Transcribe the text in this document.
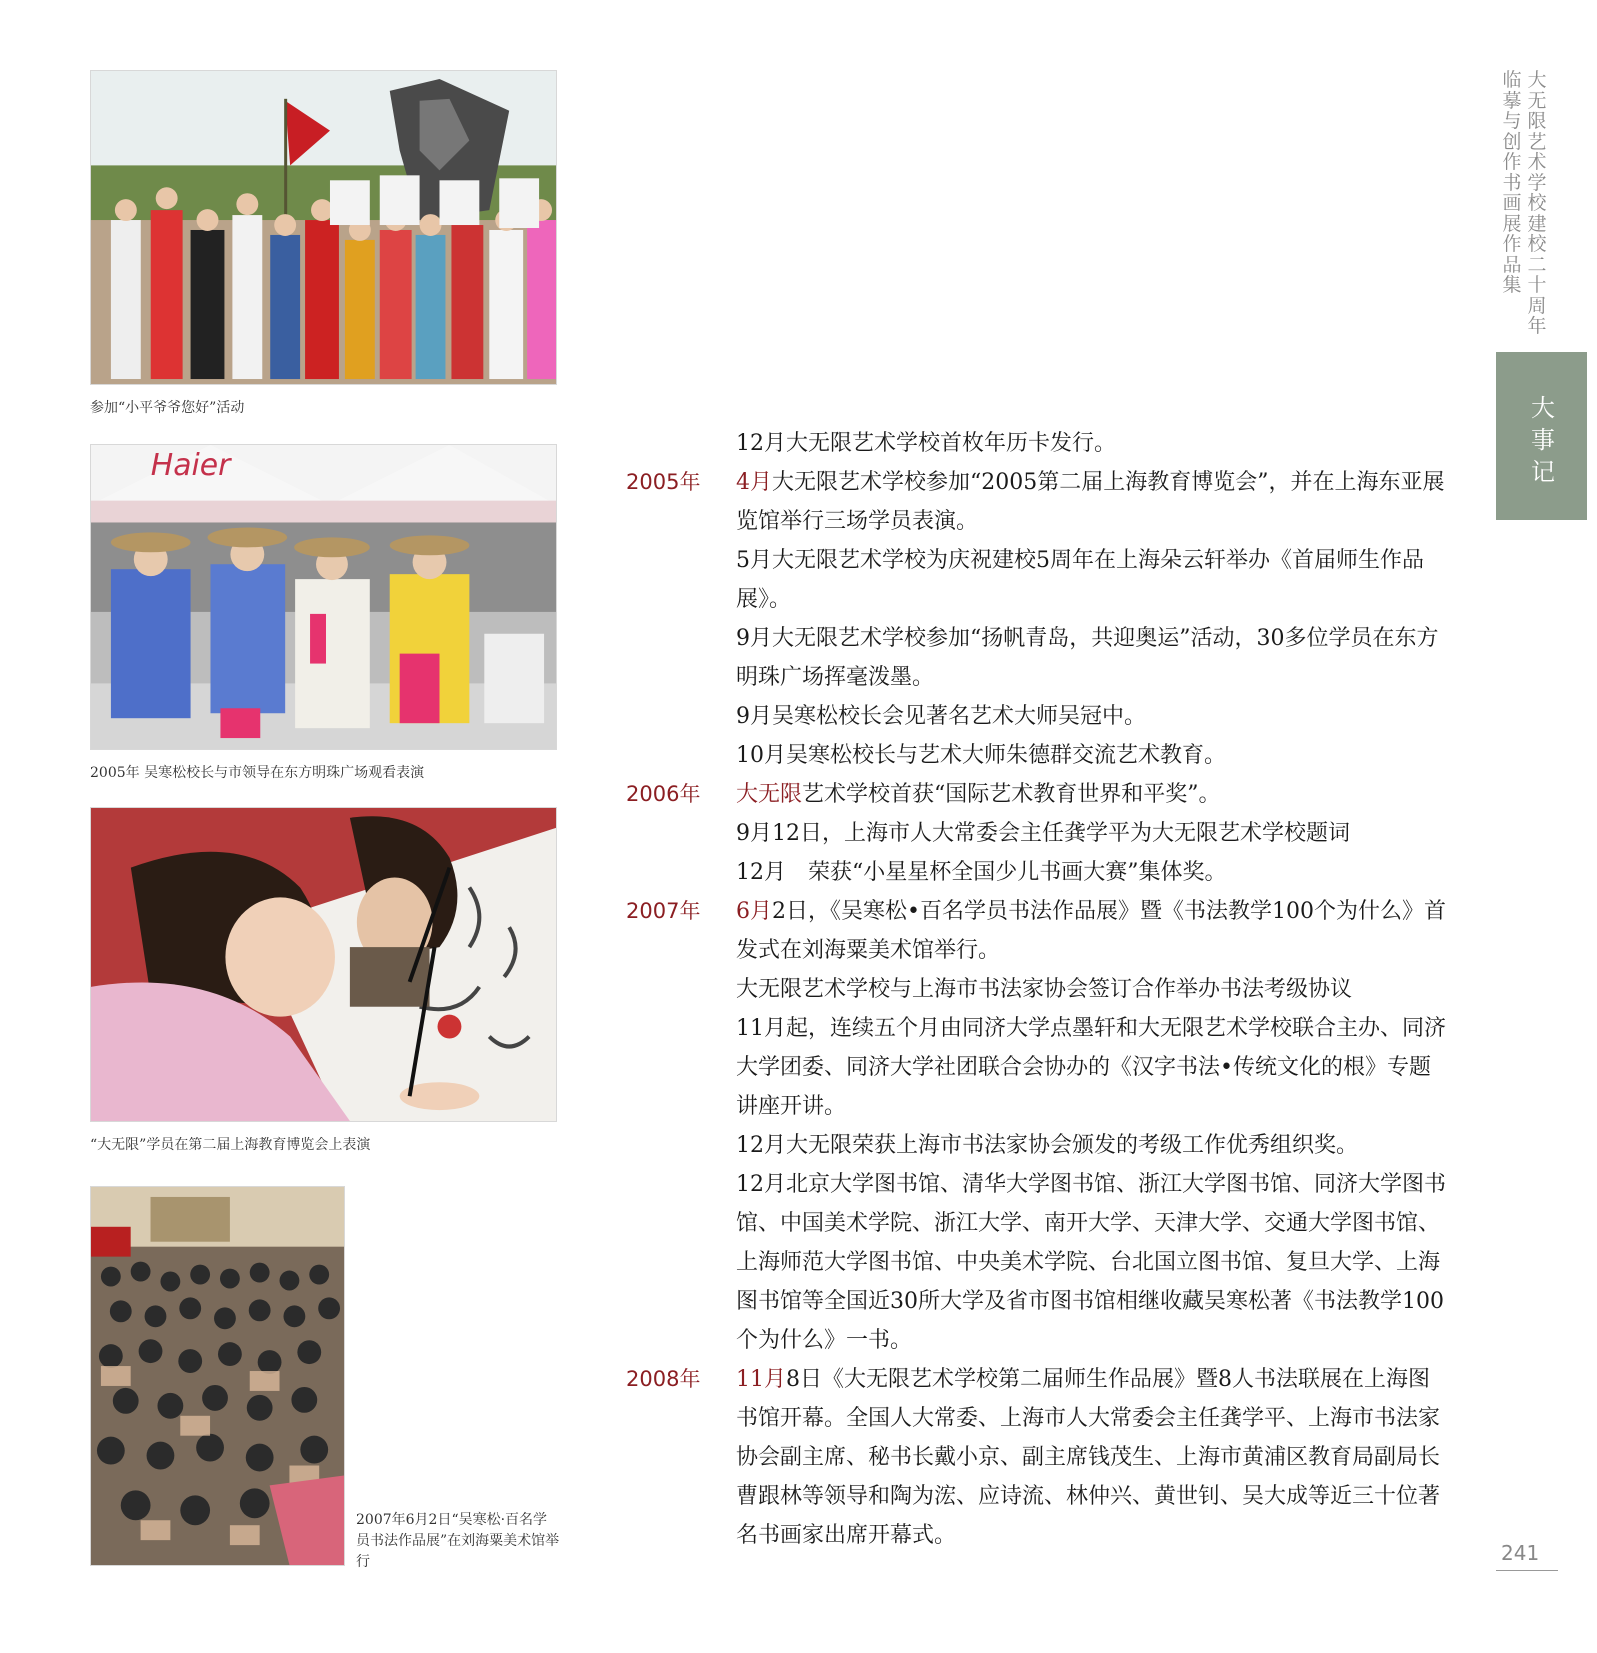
参加“小平爷爷您好”活动
Haier
2005年 吴寒松校长与市领导在东方明珠广场观看表演
“大无限”学员在第二届上海教育博览会上表演
2007年6月2日“吴寒松·百名学员书法作品展”在刘海粟美术馆举行
12月大无限艺术学校首枚年历卡发行。
2005年	4月大无限艺术学校参加“2005第二届上海教育博览会”，并在上海东亚展览馆举行三场学员表演。
5月大无限艺术学校为庆祝建校5周年在上海朵云轩举办《首届师生作品展》。
9月大无限艺术学校参加“扬帆青岛，共迎奥运”活动，30多位学员在东方明珠广场挥毫泼墨。
9月吴寒松校长会见著名艺术大师吴冠中。
10月吴寒松校长与艺术大师朱德群交流艺术教育。
2006年	大无限艺术学校首获“国际艺术教育世界和平奖”。
9月12日，上海市人大常委会主任龚学平为大无限艺术学校题词
12月　荣获“小星星杯全国少儿书画大赛”集体奖。
2007年	6月2日，《吴寒松•百名学员书法作品展》暨《书法教学100个为什么》首发式在刘海粟美术馆举行。
大无限艺术学校与上海市书法家协会签订合作举办书法考级协议
11月起，连续五个月由同济大学点墨轩和大无限艺术学校联合主办、同济大学团委、同济大学社团联合会协办的《汉字书法•传统文化的根》专题讲座开讲。
12月大无限荣获上海市书法家协会颁发的考级工作优秀组织奖。
12月北京大学图书馆、清华大学图书馆、浙江大学图书馆、同济大学图书馆、中国美术学院、浙江大学、南开大学、天津大学、交通大学图书馆、上海师范大学图书馆、中央美术学院、台北国立图书馆、复旦大学、上海图书馆等全国近30所大学及省市图书馆相继收藏吴寒松著《书法教学100个为什么》一书。
2008年	11月8日《大无限艺术学校第二届师生作品展》暨8人书法联展在上海图书馆开幕。全国人大常委、上海市人大常委会主任龚学平、上海市书法家协会副主席、秘书长戴小京、副主席钱茂生、上海市黄浦区教育局副局长曹跟林等领导和陶为浤、应诗流、林仲兴、黄世钊、吴大成等近三十位著名书画家出席开幕式。
大无限艺术学校建校二十周年
临摹与创作书画展作品集
大事记
241
